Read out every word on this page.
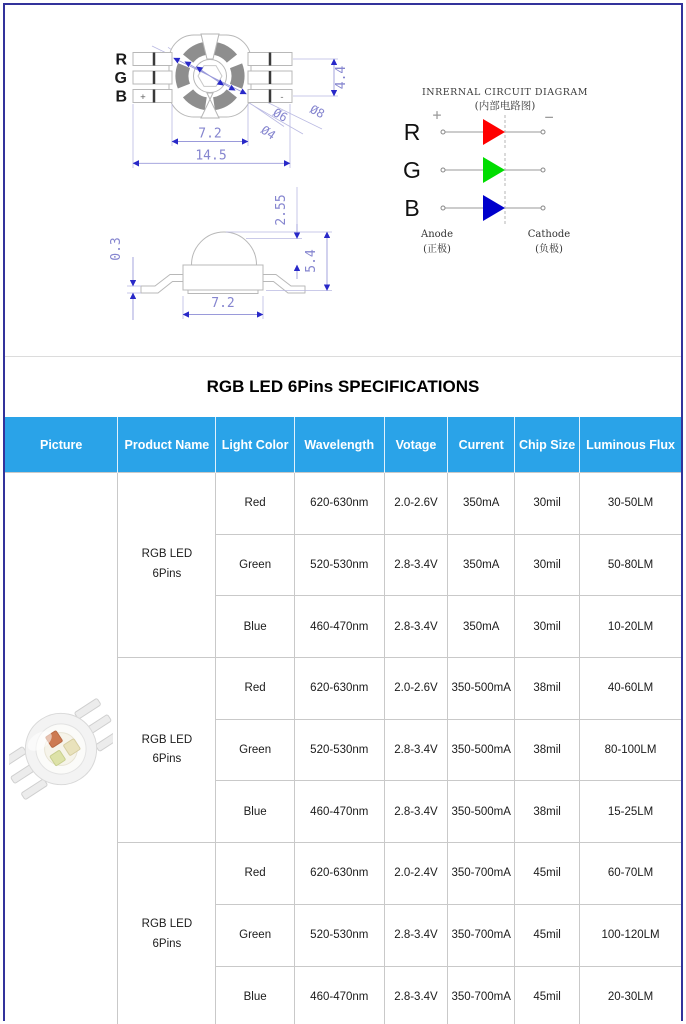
+	-
R
G
B
7.2
14.5
4.4
Ø8
Ø6
Ø4
0.3
7.2
5.4
2.55
INRERNAL CIRCUIT DIAGRAM
(内部电路图)
R
G
B
+	−
Anode
(正极)
Cathode
(负极)
RGB LED 6Pins SPECIFICATIONS
Picture	Product Name	Light Color	Wavelength	Votage	Current	Chip Size	Luminous Flux
	RGB LED 6Pins	Red	620-630nm	2.0-2.6V	350mA	30mil	30-50LM
		Green	520-530nm	2.8-3.4V	350mA	30mil	50-80LM
		Blue	460-470nm	2.8-3.4V	350mA	30mil	10-20LM
	RGB LED 6Pins	Red	620-630nm	2.0-2.6V	350-500mA	38mil	40-60LM
		Green	520-530nm	2.8-3.4V	350-500mA	38mil	80-100LM
		Blue	460-470nm	2.8-3.4V	350-500mA	38mil	15-25LM
	RGB LED 6Pins	Red	620-630nm	2.0-2.4V	350-700mA	45mil	60-70LM
		Green	520-530nm	2.8-3.4V	350-700mA	45mil	100-120LM
		Blue	460-470nm	2.8-3.4V	350-700mA	45mil	20-30LM
